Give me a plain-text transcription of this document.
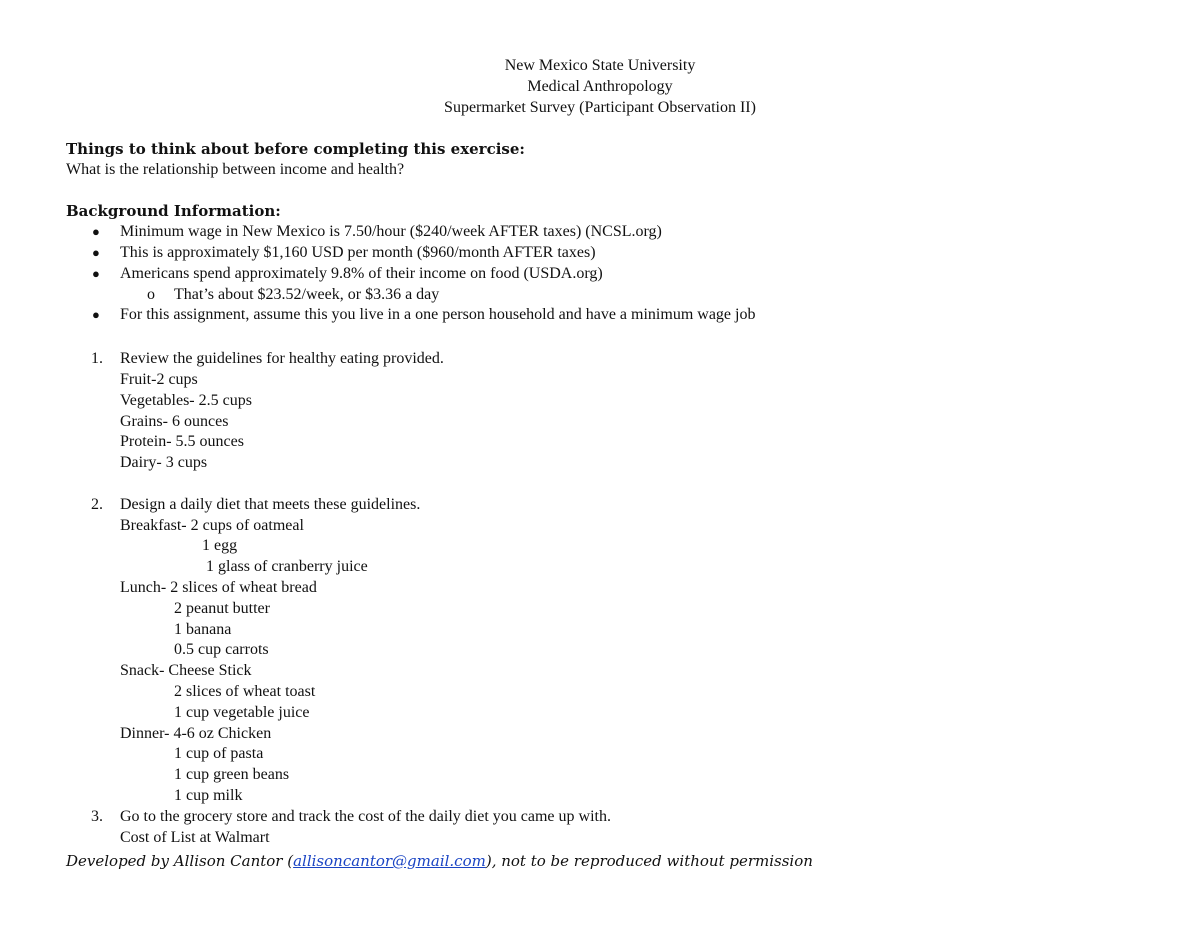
New Mexico State University
Medical Anthropology
Supermarket Survey (Participant Observation II)
Things to think about before completing this exercise:
What is the relationship between income and health?
Background Information:
● Minimum wage in New Mexico is 7.50/hour ($240/week AFTER taxes) (NCSL.org)
● This is approximately $1,160 USD per month ($960/month AFTER taxes)
● Americans spend approximately 9.8% of their income on food (USDA.org)
o That’s about $23.52/week, or $3.36 a day
● For this assignment, assume this you live in a one person household and have a minimum wage job
1. Review the guidelines for healthy eating provided.
Fruit-2 cups
Vegetables- 2.5 cups
Grains- 6 ounces
Protein- 5.5 ounces
Dairy- 3 cups
2. Design a daily diet that meets these guidelines.
Breakfast- 2 cups of oatmeal
1 egg
1 glass of cranberry juice
Lunch- 2 slices of wheat bread
2 peanut butter
1 banana
0.5 cup carrots
Snack- Cheese Stick
2 slices of wheat toast
1 cup vegetable juice
Dinner- 4-6 oz Chicken
1 cup of pasta
1 cup green beans
1 cup milk
3. Go to the grocery store and track the cost of the daily diet you came up with.
Cost of List at Walmart
Developed by Allison Cantor (allisoncantor@gmail.com), not to be reproduced without permission
